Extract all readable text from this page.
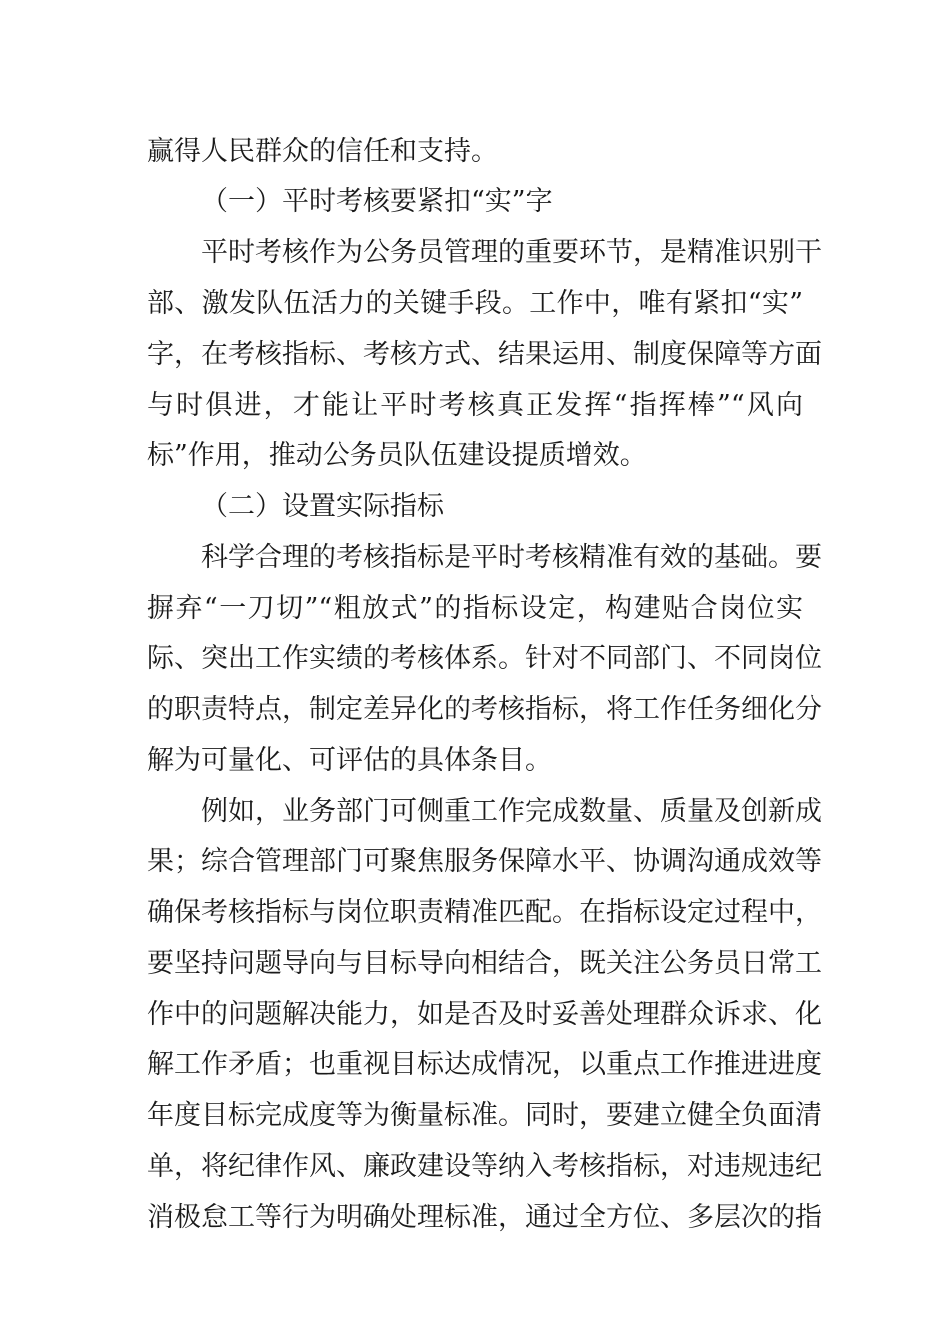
赢得人民群众的信任和支持。
（一）平时考核要紧扣“实”字
平时考核作为公务员管理的重要环节，是精准识别干
部、激发队伍活力的关键手段。工作中，唯有紧扣“实”
字，在考核指标、考核方式、结果运用、制度保障等方面
与时俱进，才能让平时考核真正发挥“指挥棒”“风向
标”作用，推动公务员队伍建设提质增效。
（二）设置实际指标
科学合理的考核指标是平时考核精准有效的基础。要
摒弃“一刀切”“粗放式”的指标设定，构建贴合岗位实
际、突出工作实绩的考核体系。针对不同部门、不同岗位
的职责特点，制定差异化的考核指标，将工作任务细化分
解为可量化、可评估的具体条目。
例如，业务部门可侧重工作完成数量、质量及创新成
果；综合管理部门可聚焦服务保障水平、协调沟通成效等
确保考核指标与岗位职责精准匹配。在指标设定过程中，
要坚持问题导向与目标导向相结合，既关注公务员日常工
作中的问题解决能力，如是否及时妥善处理群众诉求、化
解工作矛盾；也重视目标达成情况，以重点工作推进进度
年度目标完成度等为衡量标准。同时，要建立健全负面清
单，将纪律作风、廉政建设等纳入考核指标，对违规违纪
消极怠工等行为明确处理标准，通过全方位、多层次的指
